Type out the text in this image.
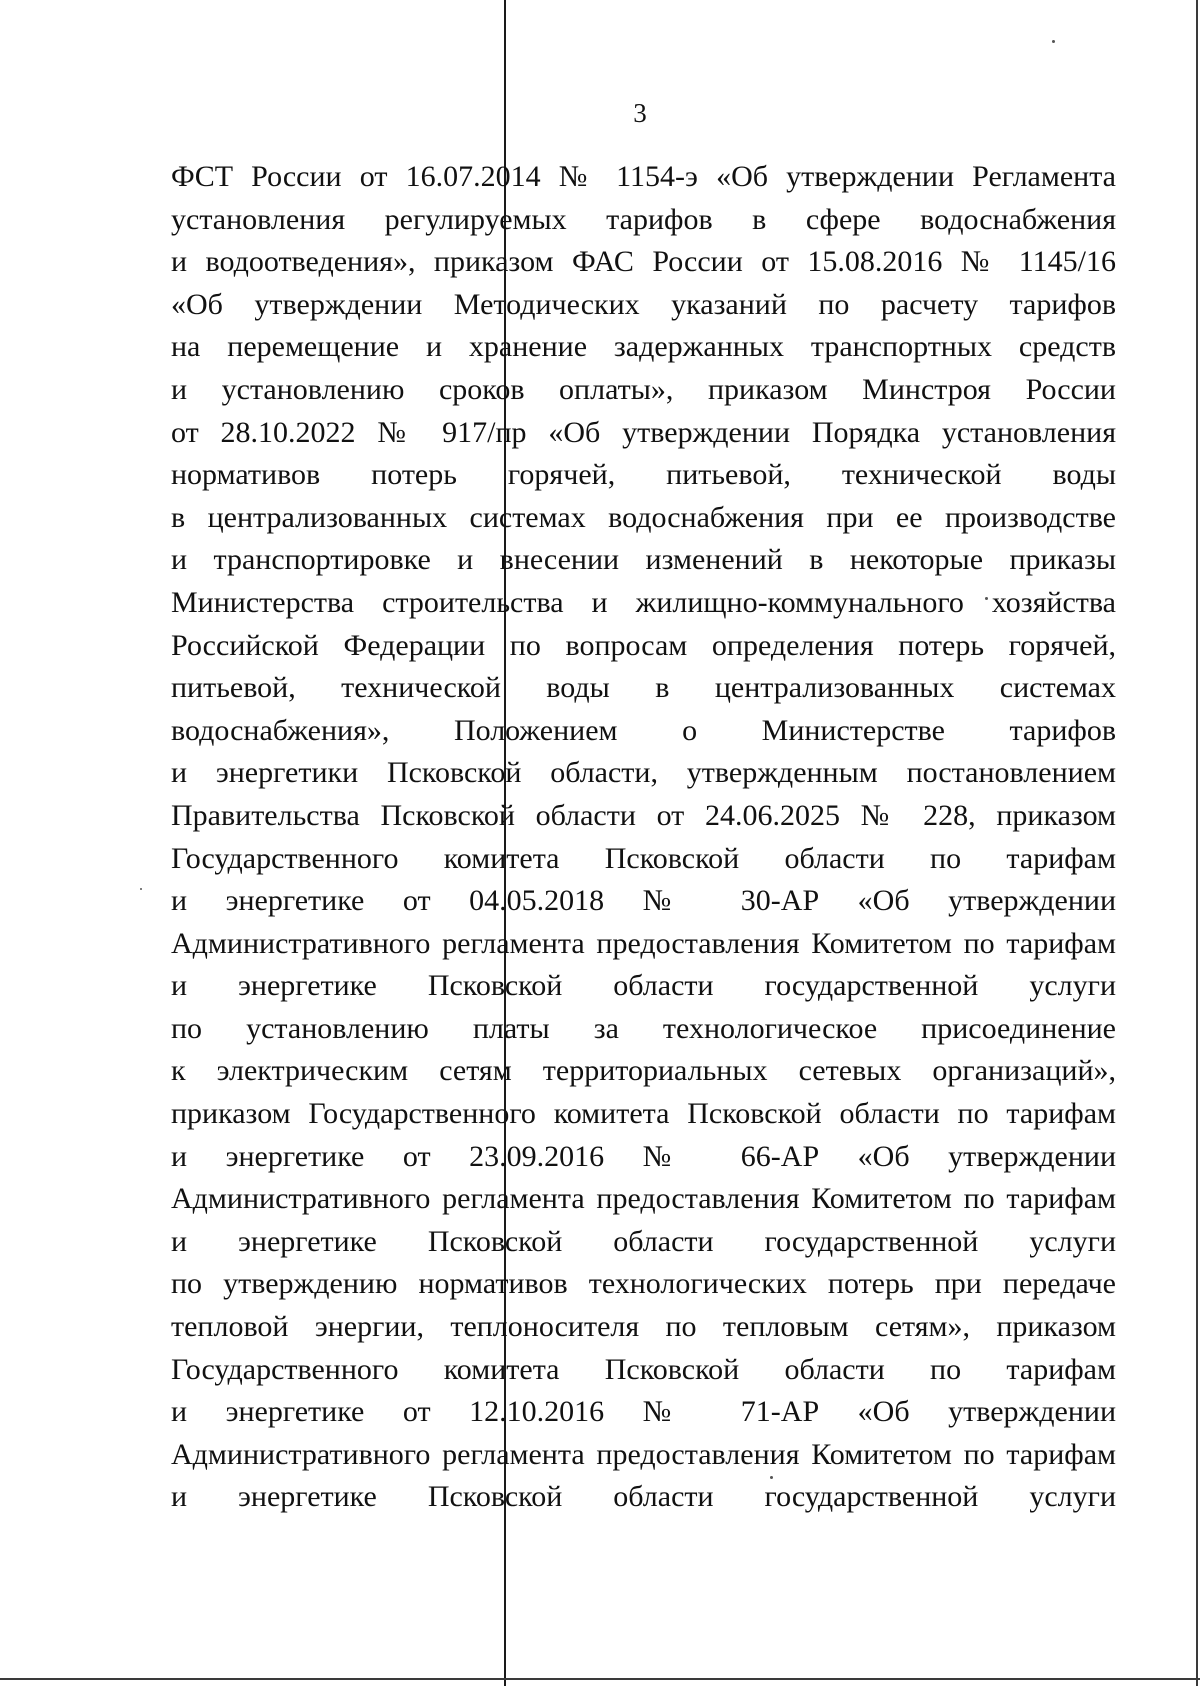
3
ФСТ России от 16.07.2014 № 1154-э «Об утверждении Регламента
установления регулируемых тарифов в сфере водоснабжения
и водоотведения», приказом ФАС России от 15.08.2016 № 1145/16
«Об утверждении Методических указаний по расчету тарифов
на перемещение и хранение задержанных транспортных средств
и установлению сроков оплаты», приказом Минстроя России
от 28.10.2022 № 917/пр «Об утверждении Порядка установления
нормативов потерь горячей, питьевой, технической воды
в централизованных системах водоснабжения при ее производстве
и транспортировке и внесении изменений в некоторые приказы
Министерства строительства и жилищно-коммунального хозяйства
Российской Федерации по вопросам определения потерь горячей,
питьевой, технической воды в централизованных системах
водоснабжения», Положением о Министерстве тарифов
и энергетики Псковской области, утвержденным постановлением
Правительства Псковской области от 24.06.2025 № 228, приказом
Государственного комитета Псковской области по тарифам
и энергетике от 04.05.2018 № 30-АР «Об утверждении
Административного регламента предоставления Комитетом по тарифам
и энергетике Псковской области государственной услуги
по установлению платы за технологическое присоединение
к электрическим сетям территориальных сетевых организаций»,
приказом Государственного комитета Псковской области по тарифам
и энергетике от 23.09.2016 № 66-АР «Об утверждении
Административного регламента предоставления Комитетом по тарифам
и энергетике Псковской области государственной услуги
по утверждению нормативов технологических потерь при передаче
тепловой энергии, теплоносителя по тепловым сетям», приказом
Государственного комитета Псковской области по тарифам
и энергетике от 12.10.2016 № 71-АР «Об утверждении
Административного регламента предоставления Комитетом по тарифам
и энергетике Псковской области государственной услуги
